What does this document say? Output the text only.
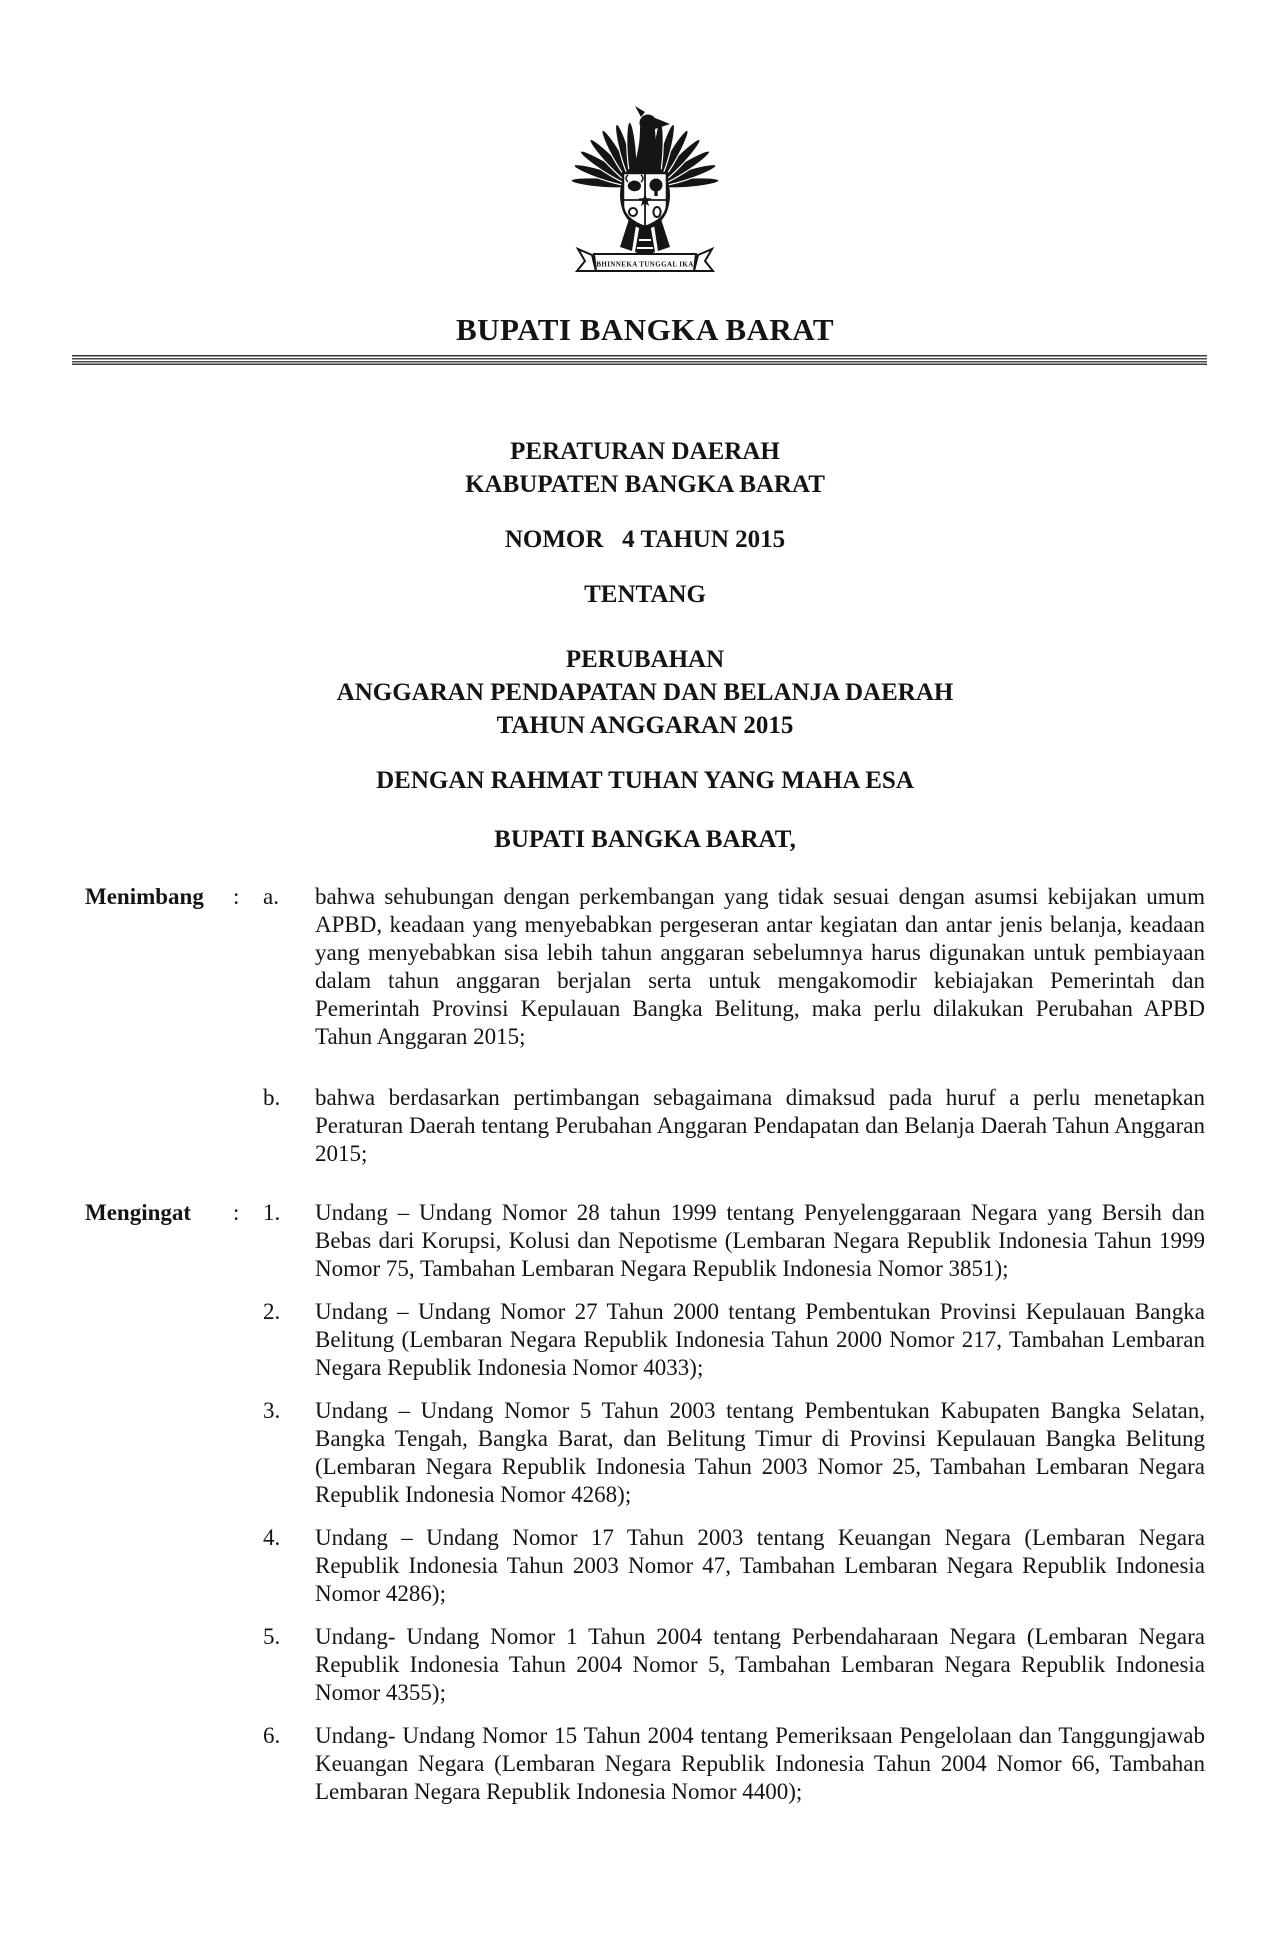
BHINNEKA TUNGGAL IKA
BUPATI BANGKA BARAT

PERATURAN DAERAH
KABUPATEN BANGKA BARAT

NOMOR   4 TAHUN 2015

TENTANG

PERUBAHAN
ANGGARAN PENDAPATAN DAN BELANJA DAERAH
TAHUN ANGGARAN 2015

DENGAN RAHMAT TUHAN YANG MAHA ESA

BUPATI BANGKA BARAT,

Menimbang	:	a.	bahwa sehubungan dengan perkembangan yang tidak sesuai dengan asumsi kebijakan umum APBD, keadaan yang menyebabkan pergeseran antar kegiatan dan antar jenis belanja, keadaan yang menyebabkan sisa lebih tahun anggaran sebelumnya harus digunakan untuk pembiayaan dalam tahun anggaran berjalan serta untuk mengakomodir kebiajakan Pemerintah dan Pemerintah Provinsi Kepulauan Bangka Belitung, maka perlu dilakukan Perubahan APBD Tahun Anggaran 2015;
b.	bahwa berdasarkan pertimbangan sebagaimana dimaksud pada huruf a perlu menetapkan Peraturan Daerah tentang Perubahan Anggaran Pendapatan dan Belanja Daerah Tahun Anggaran 2015;
Mengingat	:	1.	Undang – Undang Nomor 28 tahun 1999 tentang Penyelenggaraan Negara yang Bersih dan Bebas dari Korupsi, Kolusi dan Nepotisme (Lembaran Negara Republik Indonesia Tahun 1999 Nomor 75, Tambahan Lembaran Negara Republik Indonesia Nomor 3851);
2.	Undang – Undang Nomor 27 Tahun 2000 tentang Pembentukan Provinsi Kepulauan Bangka Belitung (Lembaran Negara Republik Indonesia Tahun 2000 Nomor 217, Tambahan Lembaran Negara Republik Indonesia Nomor 4033);
3.	Undang – Undang Nomor 5 Tahun 2003 tentang Pembentukan Kabupaten Bangka Selatan, Bangka Tengah, Bangka Barat, dan Belitung Timur di Provinsi Kepulauan Bangka Belitung (Lembaran Negara Republik Indonesia Tahun 2003 Nomor 25, Tambahan Lembaran Negara Republik Indonesia Nomor 4268);
4.	Undang – Undang Nomor 17 Tahun 2003 tentang Keuangan Negara (Lembaran Negara Republik Indonesia Tahun 2003 Nomor 47, Tambahan Lembaran Negara Republik Indonesia Nomor 4286);
5.	Undang- Undang Nomor 1 Tahun 2004 tentang Perbendaharaan Negara (Lembaran Negara Republik Indonesia Tahun 2004 Nomor 5, Tambahan Lembaran Negara Republik Indonesia Nomor 4355);
6.	Undang- Undang Nomor 15 Tahun 2004 tentang Pemeriksaan Pengelolaan dan Tanggungjawab Keuangan Negara (Lembaran Negara Republik Indonesia Tahun 2004 Nomor 66, Tambahan Lembaran Negara Republik Indonesia Nomor 4400);
